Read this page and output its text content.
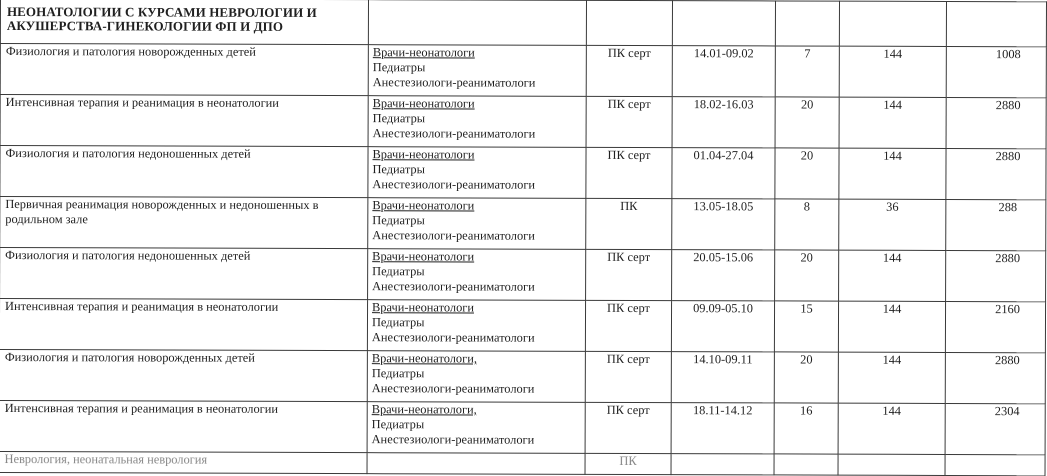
НЕОНАТОЛОГИИ С КУРСАМИ НЕВРОЛОГИИ И АКУШЕРСТВА-ГИНЕКОЛОГИИ ФП И ДПО						
Физиология и патология новорожденных детей	Врачи-неонатологи
Педиатры
Анестезиологи-реаниматологи	ПК серт	14.01-09.02	7	144	1008
Интенсивная терапия и реанимация в неонатологии	Врачи-неонатологи
Педиатры
Анестезиологи-реаниматологи	ПК серт	18.02-16.03	20	144	2880
Физиология и патология недоношенных детей	Врачи-неонатологи
Педиатры
Анестезиологи-реаниматологи	ПК серт	01.04-27.04	20	144	2880
Первичная реанимация новорожденных и недоношенных в родильном зале	Врачи-неонатологи
Педиатры
Анестезиологи-реаниматологи	ПК	13.05-18.05	8	36	288
Физиология и патология недоношенных детей	Врачи-неонатологи
Педиатры
Анестезиологи-реаниматологи	ПК серт	20.05-15.06	20	144	2880
Интенсивная терапия и реанимация в неонатологии	Врачи-неонатологи
Педиатры
Анестезиологи-реаниматологи	ПК серт	09.09-05.10	15	144	2160
Физиология и патология новорожденных детей	Врачи-неонатологи,
Педиатры
Анестезиологи-реаниматологи	ПК серт	14.10-09.11	20	144	2880
Интенсивная терапия и реанимация в неонатологии	Врачи-неонатологи,
Педиатры
Анестезиологи-реаниматологи	ПК серт	18.11-14.12	16	144	2304
Неврология, неонатальная неврология		ПК				
